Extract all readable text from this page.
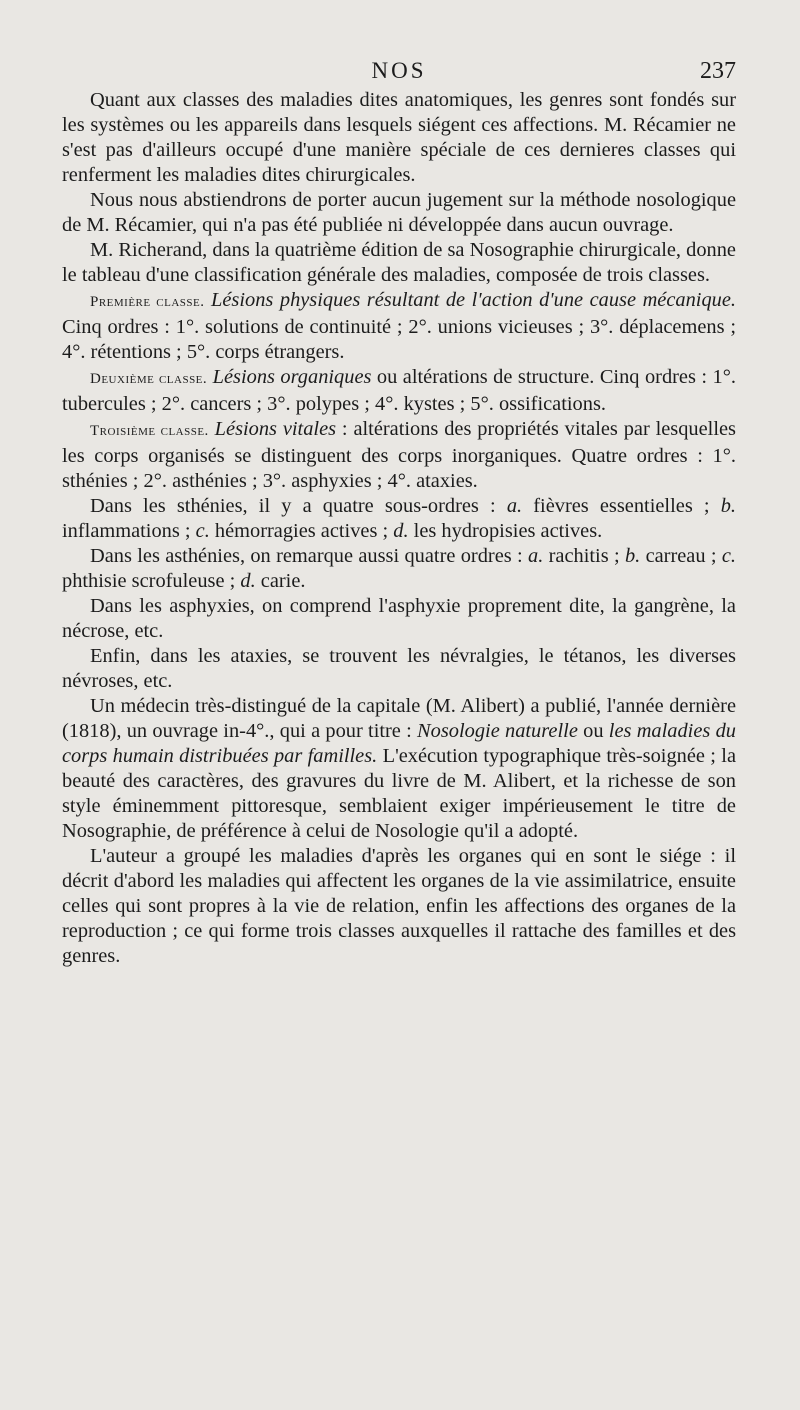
NOS	237

Quant aux classes des maladies dites anatomiques, les genres sont fondés sur les systèmes ou les appareils dans lesquels siégent ces affections. M. Récamier ne s'est pas d'ailleurs occupé d'une manière spéciale de ces dernieres classes qui renferment les maladies dites chirurgicales.

Nous nous abstiendrons de porter aucun jugement sur la méthode nosologique de M. Récamier, qui n'a pas été publiée ni développée dans aucun ouvrage.

M. Richerand, dans la quatrième édition de sa Nosographie chirurgicale, donne le tableau d'une classification générale des maladies, composée de trois classes.

Première classe. Lésions physiques résultant de l'action d'une cause mécanique. Cinq ordres : 1°. solutions de continuité ; 2°. unions vicieuses ; 3°. déplacemens ; 4°. rétentions ; 5°. corps étrangers.

Deuxième classe. Lésions organiques ou altérations de structure. Cinq ordres : 1°. tubercules ; 2°. cancers ; 3°. polypes ; 4°. kystes ; 5°. ossifications.

Troisième classe. Lésions vitales : altérations des propriétés vitales par lesquelles les corps organisés se distinguent des corps inorganiques. Quatre ordres : 1°. sthénies ; 2°. asthénies ; 3°. asphyxies ; 4°. ataxies.

Dans les sthénies, il y a quatre sous-ordres : a. fièvres essentielles ; b. inflammations ; c. hémorragies actives ; d. les hydropisies actives.

Dans les asthénies, on remarque aussi quatre ordres : a. rachitis ; b. carreau ; c. phthisie scrofuleuse ; d. carie.

Dans les asphyxies, on comprend l'asphyxie proprement dite, la gangrène, la nécrose, etc.

Enfin, dans les ataxies, se trouvent les névralgies, le tétanos, les diverses névroses, etc.

Un médecin très-distingué de la capitale (M. Alibert) a publié, l'année dernière (1818), un ouvrage in-4°., qui a pour titre : Nosologie naturelle ou les maladies du corps humain distribuées par familles. L'exécution typographique très-soignée ; la beauté des caractères, des gravures du livre de M. Alibert, et la richesse de son style éminemment pittoresque, semblaient exiger impérieusement le titre de Nosographie, de préférence à celui de Nosologie qu'il a adopté.

L'auteur a groupé les maladies d'après les organes qui en sont le siége : il décrit d'abord les maladies qui affectent les organes de la vie assimilatrice, ensuite celles qui sont propres à la vie de relation, enfin les affections des organes de la reproduction ; ce qui forme trois classes auxquelles il rattache des familles et des genres.
